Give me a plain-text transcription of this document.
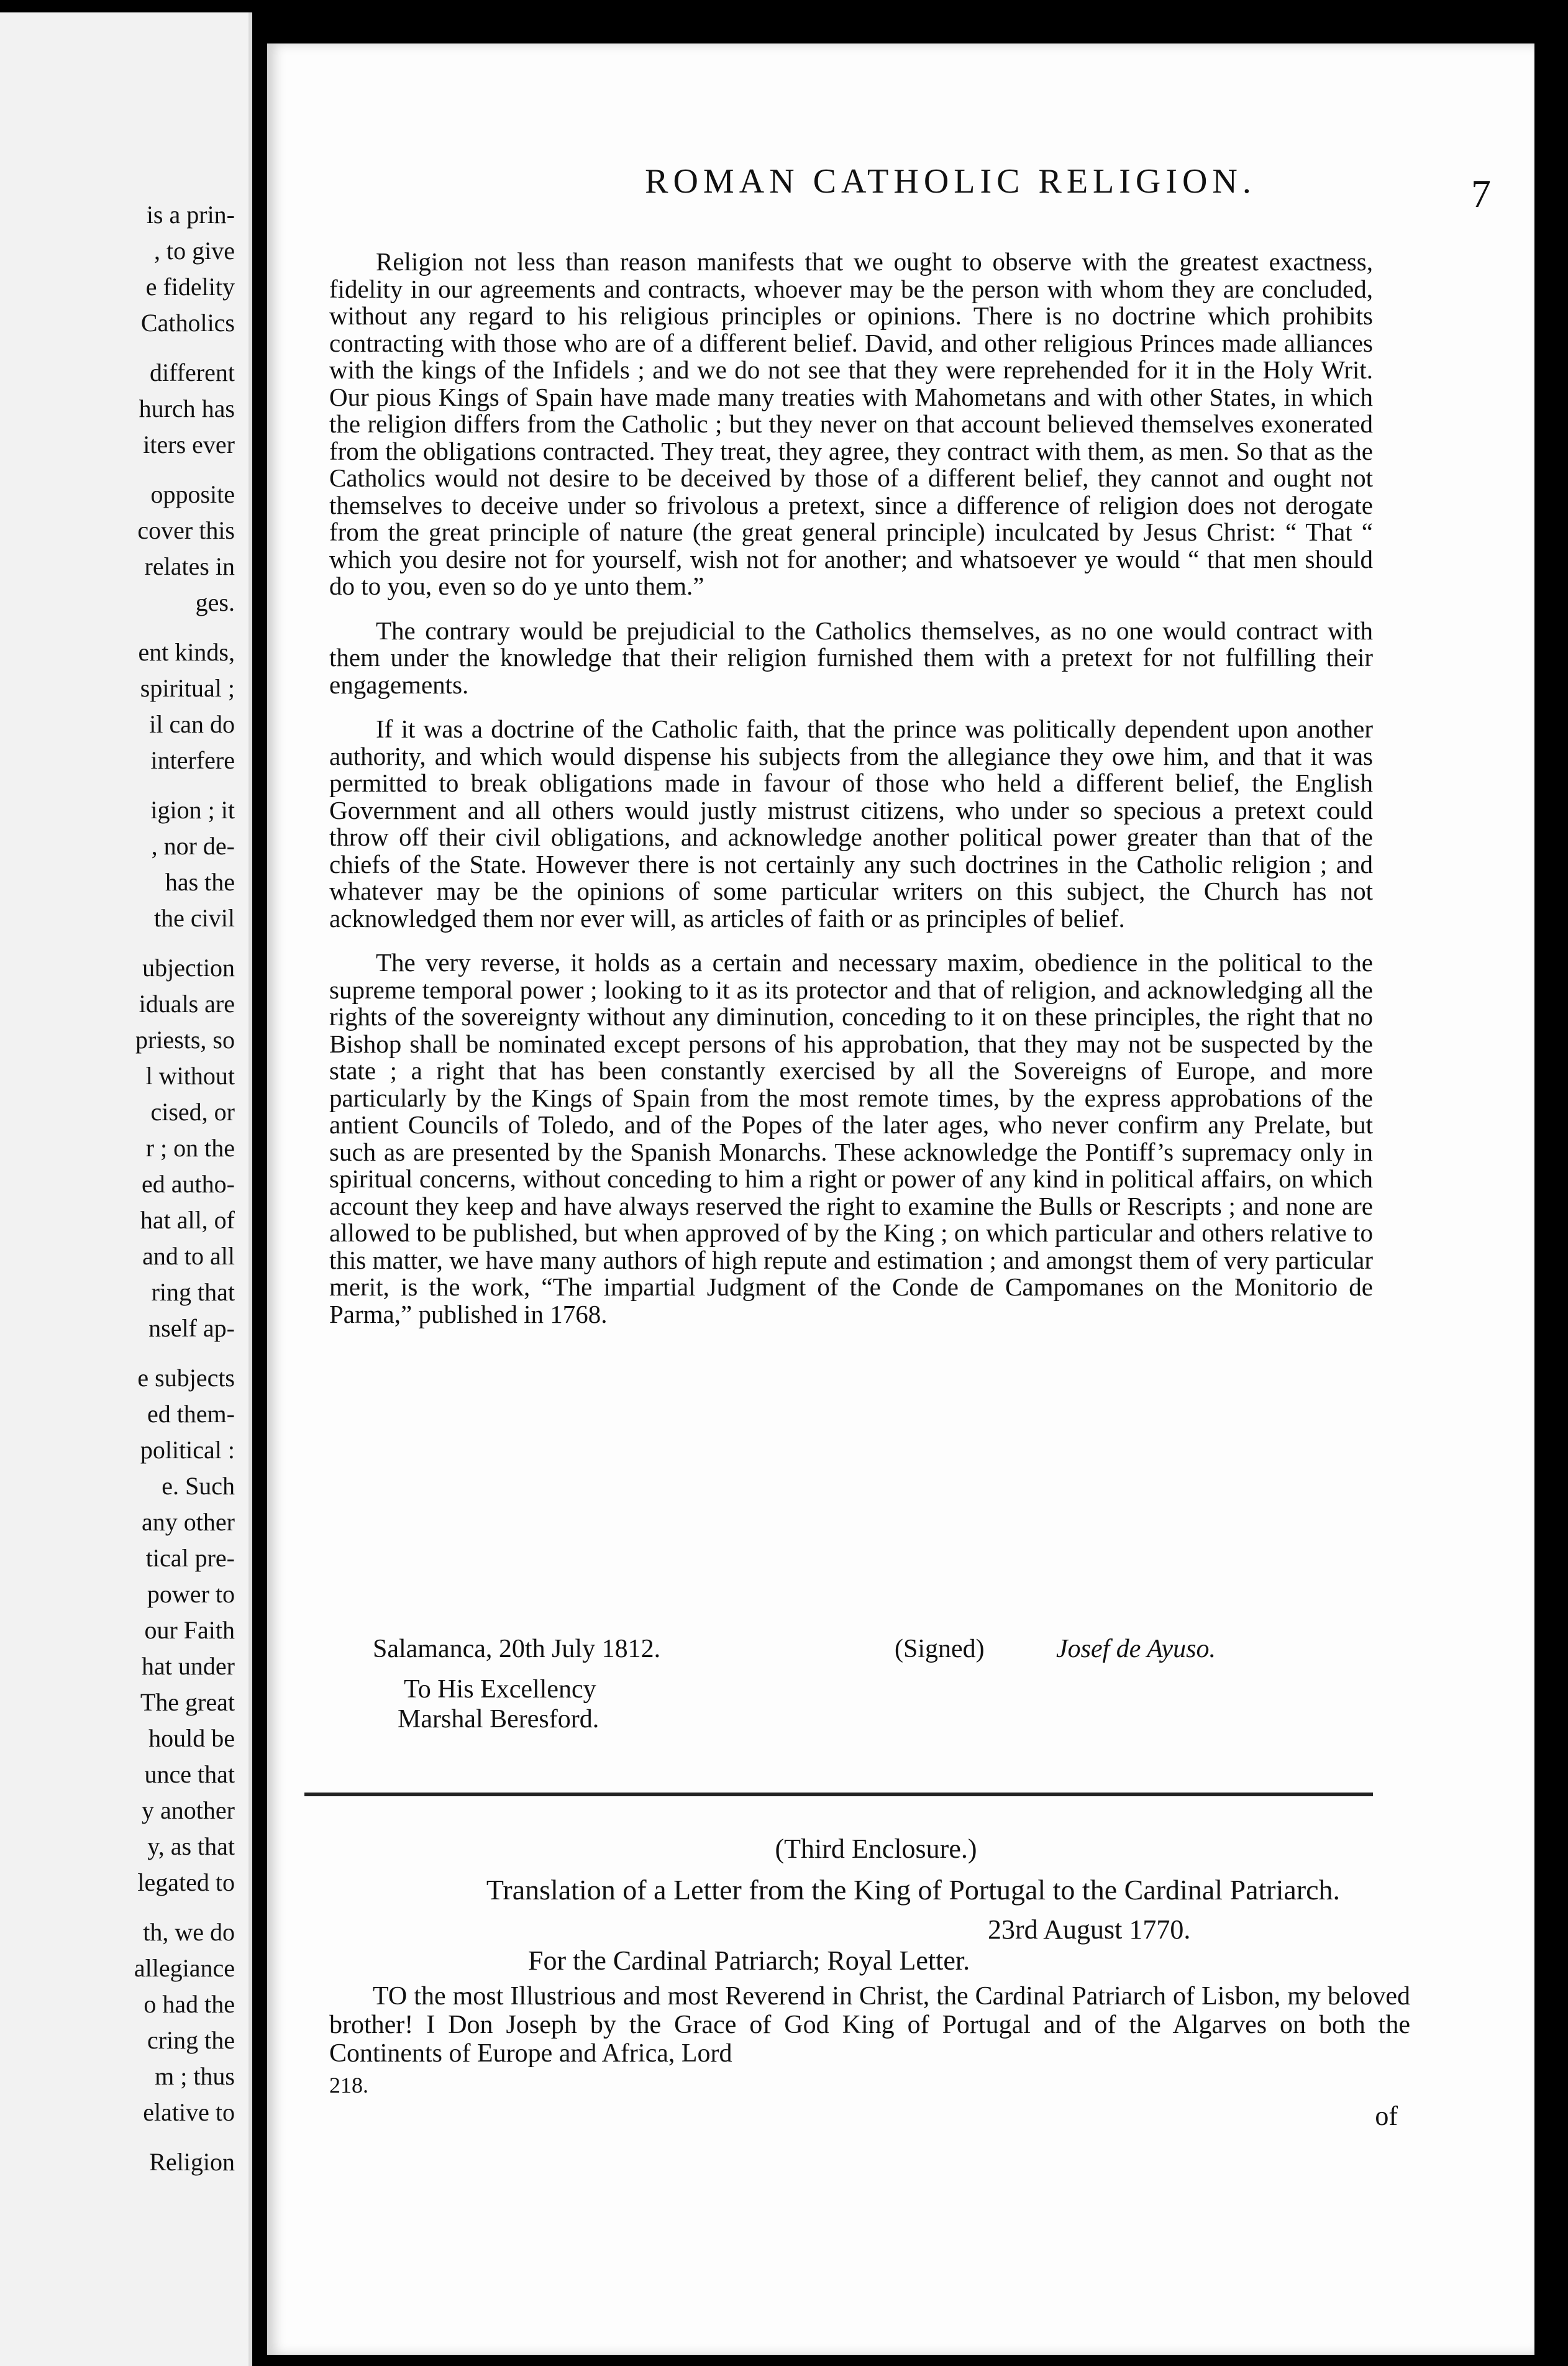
is a prin-
, to give
e fidelity
Catholics
different
hurch has
iters ever
opposite
cover this
relates in
ges.
ent kinds,
spiritual ;
il can do
interfere
igion ; it
, nor de-
has the
the civil
ubjection
iduals are
priests, so
l without
cised, or
r ; on the
ed autho-
hat all, of
and to all
ring that
nself ap-
e subjects
ed them-
political :
e. Such
any other
tical pre-
power to
our Faith
hat under
The great
hould be
unce that
y another
y, as that
legated to
th, we do
allegiance
o had the
cring the
m ; thus
elative to
Religion
ROMAN CATHOLIC RELIGION.	7

Religion not less than reason manifests that we ought to observe with the greatest exactness, fidelity in our agreements and contracts, whoever may be the person with whom they are concluded, without any regard to his religious principles or opinions. There is no doctrine which prohibits contracting with those who are of a different belief. David, and other religious Princes made alliances with the kings of the Infidels ; and we do not see that they were reprehended for it in the Holy Writ. Our pious Kings of Spain have made many treaties with Mahometans and with other States, in which the religion differs from the Catholic ; but they never on that account believed themselves exonerated from the obligations contracted. They treat, they agree, they contract with them, as men. So that as the Catholics would not desire to be deceived by those of a different belief, they cannot and ought not themselves to deceive under so frivolous a pretext, since a difference of religion does not derogate from the great principle of nature (the great general principle) inculcated by Jesus Christ: “ That “ which you desire not for yourself, wish not for another; and whatsoever ye would “ that men should do to you, even so do ye unto them.”

The contrary would be prejudicial to the Catholics themselves, as no one would contract with them under the knowledge that their religion furnished them with a pretext for not fulfilling their engagements.

If it was a doctrine of the Catholic faith, that the prince was politically dependent upon another authority, and which would dispense his subjects from the allegiance they owe him, and that it was permitted to break obligations made in favour of those who held a different belief, the English Government and all others would justly mistrust citizens, who under so specious a pretext could throw off their civil obligations, and acknowledge another political power greater than that of the chiefs of the State. However there is not certainly any such doctrines in the Catholic religion ; and whatever may be the opinions of some particular writers on this subject, the Church has not acknowledged them nor ever will, as articles of faith or as principles of belief.

The very reverse, it holds as a certain and necessary maxim, obedience in the political to the supreme temporal power ; looking to it as its protector and that of religion, and acknowledging all the rights of the sovereignty without any diminution, conceding to it on these principles, the right that no Bishop shall be nominated except persons of his approbation, that they may not be suspected by the state ; a right that has been constantly exercised by all the Sovereigns of Europe, and more particularly by the Kings of Spain from the most remote times, by the express approbations of the antient Councils of Toledo, and of the Popes of the later ages, who never confirm any Prelate, but such as are presented by the Spanish Monarchs. These acknowledge the Pontiff’s supremacy only in spiritual concerns, without conceding to him a right or power of any kind in political affairs, on which account they keep and have always reserved the right to examine the Bulls or Rescripts ; and none are allowed to be published, but when approved of by the King ; on which particular and others relative to this matter, we have many authors of high repute and estimation ; and amongst them of very particular merit, is the work, “The impartial Judgment of the Conde de Campomanes on the Monitorio de Parma,” published in 1768.

Salamanca, 20th July 1812.	(Signed)	Josef de Ayuso.
To His Excellency
Marshal Beresford.
(Third Enclosure.)
Translation of a Letter from the King of Portugal to the Cardinal Patriarch.
23rd August 1770.
For the Cardinal Patriarch; Royal Letter.

TO the most Illustrious and most Reverend in Christ, the Cardinal Patriarch of Lisbon, my beloved brother! I Don Joseph by the Grace of God King of Portugal and of the Algarves on both the Continents of Europe and Africa, Lord

218.
of
